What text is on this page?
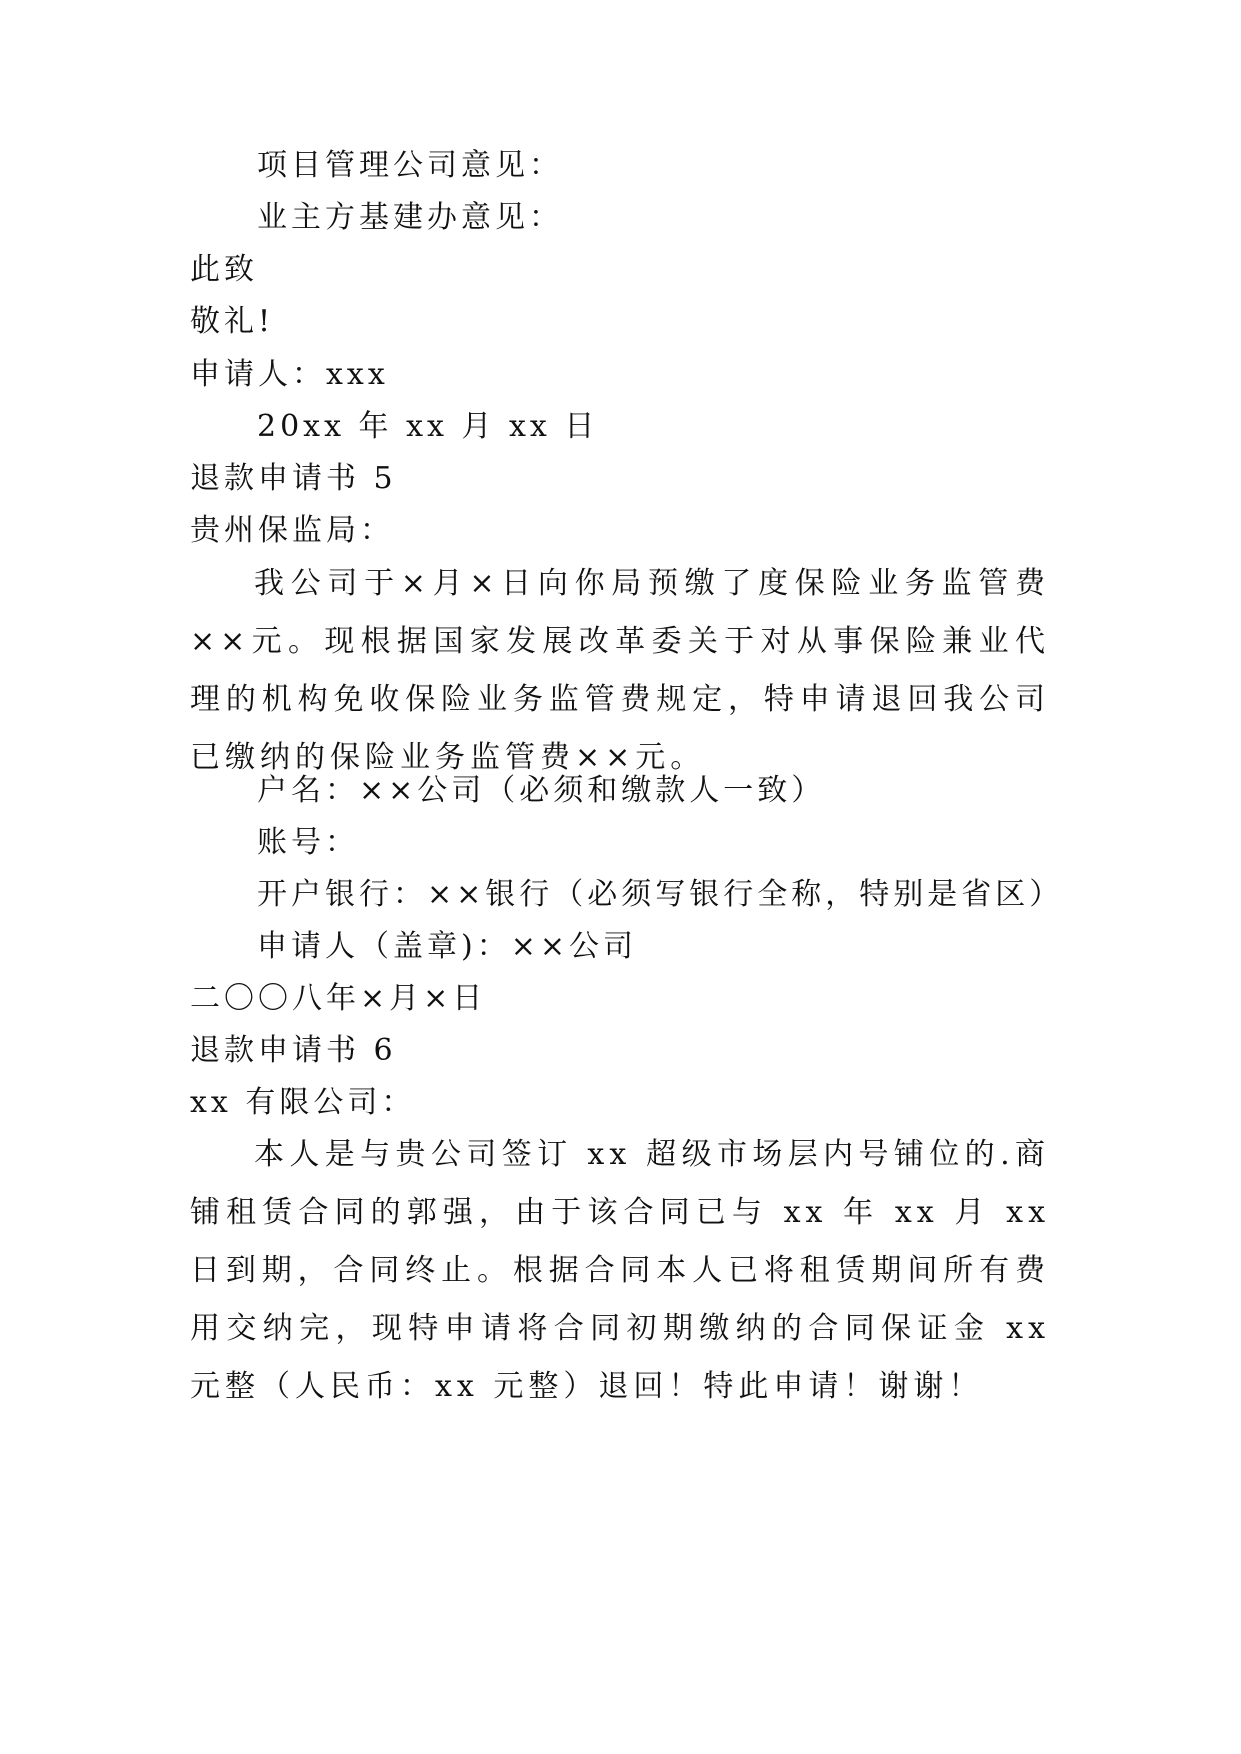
项目管理公司意见：
业主方基建办意见：
此致
敬礼!
申请人：xxx
20xx 年 xx 月 xx 日
退款申请书 5
贵州保监局：
我公司于×月×日向你局预缴了度保险业务监管费××元。现根据国家发展改革委关于对从事保险兼业代理的机构免收保险业务监管费规定，特申请退回我公司已缴纳的保险业务监管费××元。
户名：××公司（必须和缴款人一致）
账号：
开户银行：××银行（必须写银行全称，特别是省区）
申请人（盖章)：××公司
二〇〇八年×月×日
退款申请书 6
xx 有限公司：
本人是与贵公司签订 xx 超级市场层内号铺位的.商铺租赁合同的郭强，由于该合同已与 xx 年 xx 月 xx 日到期，合同终止。根据合同本人已将租赁期间所有费用交纳完，现特申请将合同初期缴纳的合同保证金 xx 元整（人民币：xx 元整）退回！特此申请！谢谢！
